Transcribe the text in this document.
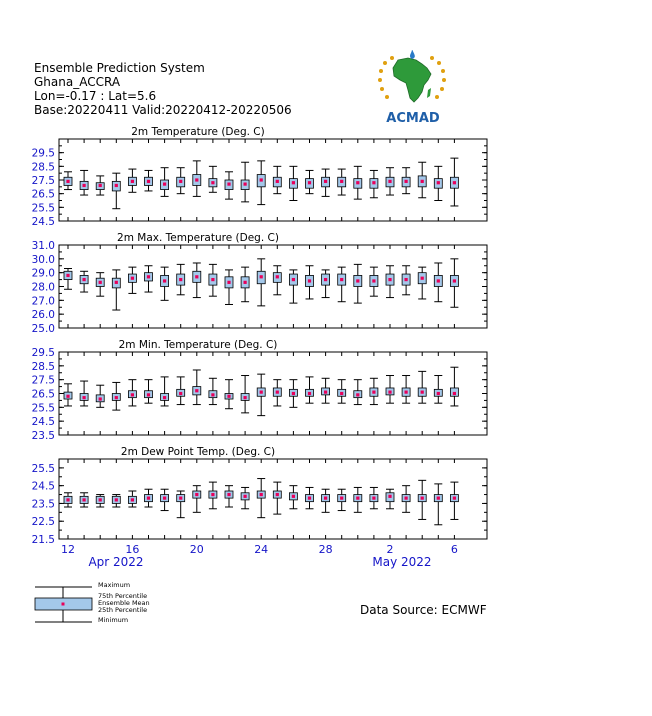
Ensemble Prediction System
Ghana_ACCRA
Lon=-0.17 : Lat=5.6
Base:20220411 Valid:20220412-20220506
ACMAD
2m Temperature (Deg. C)
24.5
25.5
26.5
27.5
28.5
29.5
2m Max. Temperature (Deg. C)
25.0
26.0
27.0
28.0
29.0
30.0
31.0
2m Min. Temperature (Deg. C)
23.5
24.5
25.5
26.5
27.5
28.5
29.5
2m Dew Point Temp. (Deg. C)
21.5
22.5
23.5
24.5
25.5
12	16	20	24	28	2	6
Apr 2022	May 2022
Maximum
75th Percentile
Ensemble Mean
25th Percentile
Minimum
Data Source: ECMWF
